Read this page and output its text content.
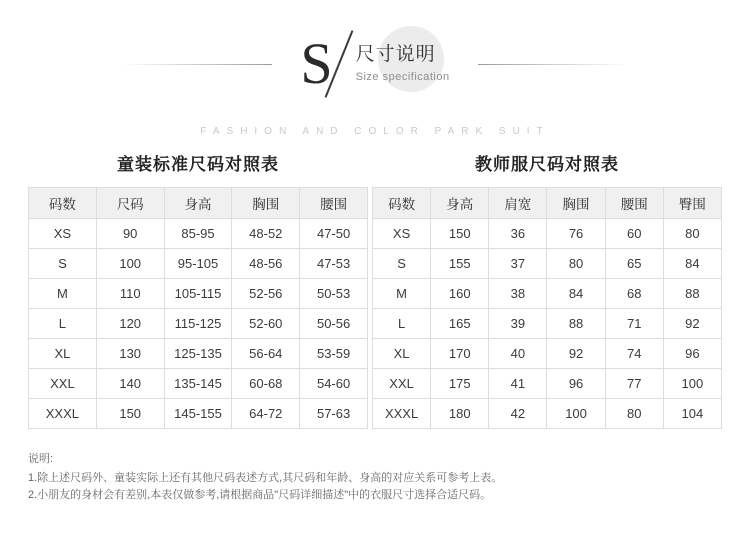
S 尺寸说明
Size specification
FASHION AND COLOR PARK SUIT
童装标准尺码对照表
码数	尺码	身高	胸围	腰围
XS	90	85-95	48-52	47-50
S	100	95-105	48-56	47-53
M	110	105-115	52-56	50-53
L	120	115-125	52-60	50-56
XL	130	125-135	56-64	53-59
XXL	140	135-145	60-68	54-60
XXXL	150	145-155	64-72	57-63
教师服尺码对照表
码数	身高	肩宽	胸围	腰围	臀围
XS	150	36	76	60	80
S	155	37	80	65	84
M	160	38	84	68	88
L	165	39	88	71	92
XL	170	40	92	74	96
XXL	175	41	96	77	100
XXXL	180	42	100	80	104
说明:
1.除上述尺码外、童装实际上还有其他尺码表述方式,其尺码和年龄、身高的对应关系可参考上表。
2.小朋友的身材会有差别,本表仅做参考,请根据商品"尺码详细描述"中的衣服尺寸选择合适尺码。
